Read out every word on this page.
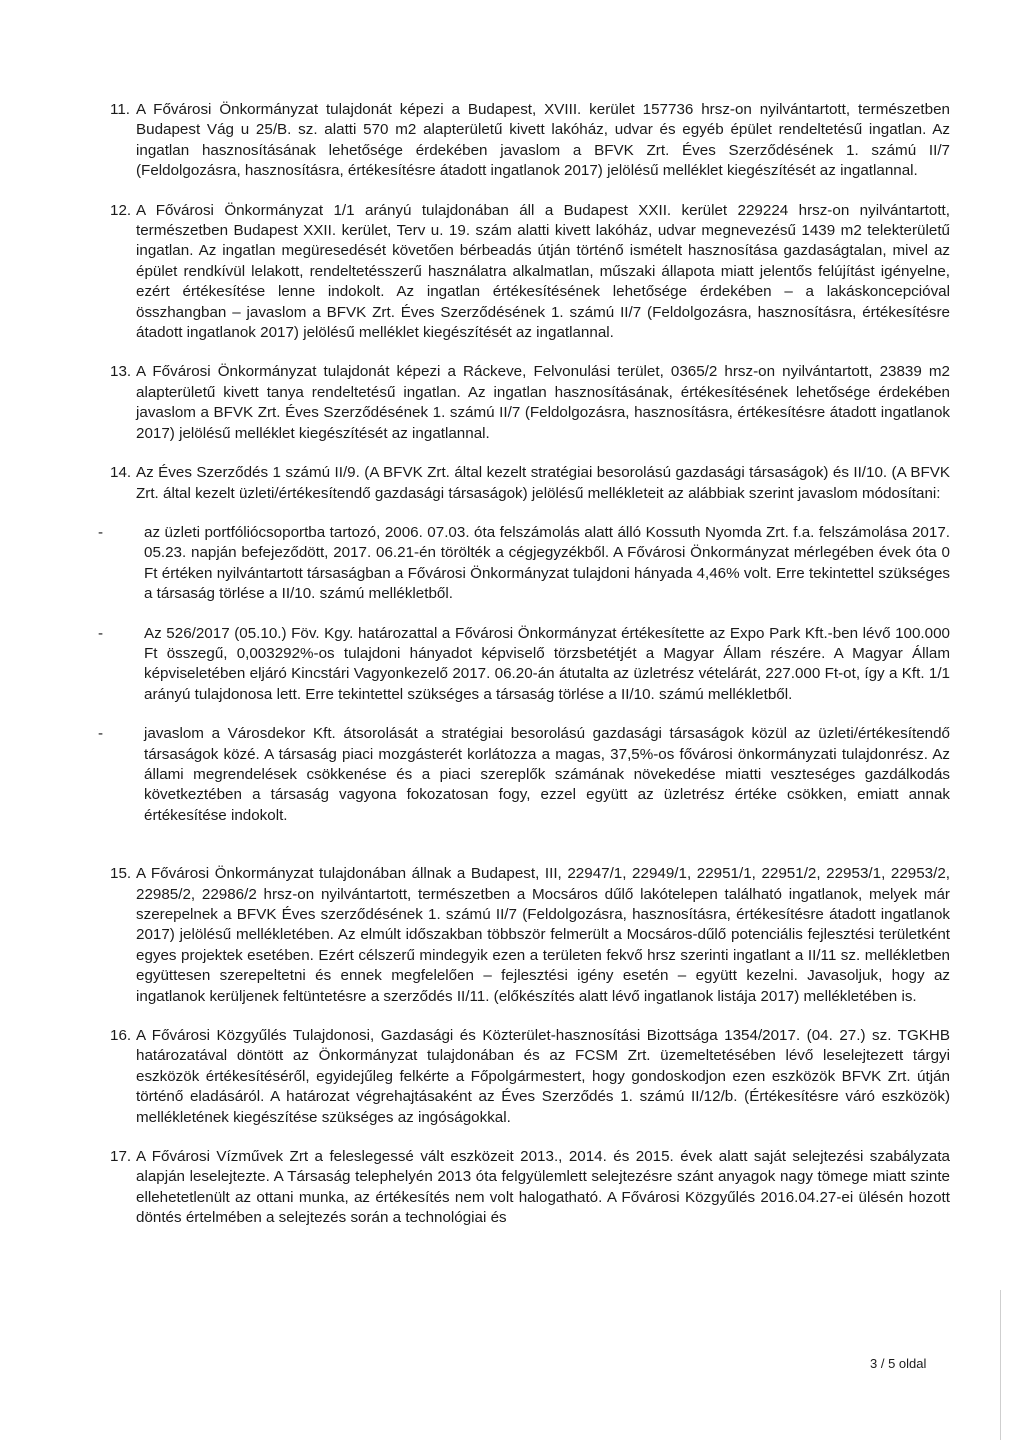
11. A Fővárosi Önkormányzat tulajdonát képezi a Budapest, XVIII. kerület 157736 hrsz-on nyilvántartott, természetben Budapest Vág u 25/B. sz. alatti 570 m2 alapterületű kivett lakóház, udvar és egyéb épület rendeltetésű ingatlan. Az ingatlan hasznosításának lehetősége érdekében javaslom a BFVK Zrt. Éves Szerződésének 1. számú II/7 (Feldolgozásra, hasznosításra, értékesítésre átadott ingatlanok 2017) jelölésű melléklet kiegészítését az ingatlannal.
12. A Fővárosi Önkormányzat 1/1 arányú tulajdonában áll a Budapest XXII. kerület 229224 hrsz-on nyilvántartott, természetben Budapest XXII. kerület, Terv u. 19. szám alatti kivett lakóház, udvar megnevezésű 1439 m2 telekterületű ingatlan. Az ingatlan megüresedését követően bérbeadás útján történő ismételt hasznosítása gazdaságtalan, mivel az épület rendkívül lelakott, rendeltetésszerű használatra alkalmatlan, műszaki állapota miatt jelentős felújítást igényelne, ezért értékesítése lenne indokolt. Az ingatlan értékesítésének lehetősége érdekében – a lakáskoncepcióval összhangban – javaslom a BFVK Zrt. Éves Szerződésének 1. számú II/7 (Feldolgozásra, hasznosításra, értékesítésre átadott ingatlanok 2017) jelölésű melléklet kiegészítését az ingatlannal.
13. A Fővárosi Önkormányzat tulajdonát képezi a Ráckeve, Felvonulási terület, 0365/2 hrsz-on nyilvántartott, 23839 m2 alapterületű kivett tanya rendeltetésű ingatlan. Az ingatlan hasznosításának, értékesítésének lehetősége érdekében javaslom a BFVK Zrt. Éves Szerződésének 1. számú II/7 (Feldolgozásra, hasznosításra, értékesítésre átadott ingatlanok 2017) jelölésű melléklet kiegészítését az ingatlannal.
14. Az Éves Szerződés 1 számú II/9. (A BFVK Zrt. által kezelt stratégiai besorolású gazdasági társaságok) és II/10. (A BFVK Zrt. által kezelt üzleti/értékesítendő gazdasági társaságok) jelölésű mellékleteit az alábbiak szerint javaslom módosítani:
-	az üzleti portfóliócsoportba tartozó, 2006. 07.03. óta felszámolás alatt álló Kossuth Nyomda Zrt. f.a. felszámolása 2017. 05.23. napján befejeződött, 2017. 06.21-én törölték a cégjegyzékből. A Fővárosi Önkormányzat mérlegében évek óta 0 Ft értéken nyilvántartott társaságban a Fővárosi Önkormányzat tulajdoni hányada 4,46% volt. Erre tekintettel szükséges a társaság törlése a II/10. számú mellékletből.
-	Az 526/2017 (05.10.) Föv. Kgy. határozattal a Fővárosi Önkormányzat értékesítette az Expo Park Kft.-ben lévő 100.000 Ft összegű, 0,003292%-os tulajdoni hányadot képviselő törzsbetétjét a Magyar Állam részére. A Magyar Állam képviseletében eljáró Kincstári Vagyonkezelő 2017. 06.20-án átutalta az üzletrész vételárát, 227.000 Ft-ot, így a Kft. 1/1 arányú tulajdonosa lett. Erre tekintettel szükséges a társaság törlése a II/10. számú mellékletből.
-	javaslom a Városdekor Kft. átsorolását a stratégiai besorolású gazdasági társaságok közül az üzleti/értékesítendő társaságok közé. A társaság piaci mozgásterét korlátozza a magas, 37,5%-os fővárosi önkormányzati tulajdonrész. Az állami megrendelések csökkenése és a piaci szereplők számának növekedése miatti veszteséges gazdálkodás következtében a társaság vagyona fokozatosan fogy, ezzel együtt az üzletrész értéke csökken, emiatt annak értékesítése indokolt.
15. A Fővárosi Önkormányzat tulajdonában állnak a Budapest, III, 22947/1, 22949/1, 22951/1, 22951/2, 22953/1, 22953/2, 22985/2, 22986/2 hrsz-on nyilvántartott, természetben a Mocsáros dűlő lakótelepen található ingatlanok, melyek már szerepelnek a BFVK Éves szerződésének 1. számú II/7 (Feldolgozásra, hasznosításra, értékesítésre átadott ingatlanok 2017) jelölésű mellékletében. Az elmúlt időszakban többször felmerült a Mocsáros-dűlő potenciális fejlesztési területként egyes projektek esetében. Ezért célszerű mindegyik ezen a területen fekvő hrsz szerinti ingatlant a II/11 sz. mellékletben együttesen szerepeltetni és ennek megfelelően – fejlesztési igény esetén – együtt kezelni. Javasoljuk, hogy az ingatlanok kerüljenek feltüntetésre a szerződés II/11. (előkészítés alatt lévő ingatlanok listája 2017) mellékletében is.
16. A Fővárosi Közgyűlés Tulajdonosi, Gazdasági és Közterület-hasznosítási Bizottsága 1354/2017. (04. 27.) sz. TGKHB határozatával döntött az Önkormányzat tulajdonában és az FCSM Zrt. üzemeltetésében lévő leselejtezett tárgyi eszközök értékesítéséről, egyidejűleg felkérte a Főpolgármestert, hogy gondoskodjon ezen eszközök BFVK Zrt. útján történő eladásáról. A határozat végrehajtásaként az Éves Szerződés 1. számú II/12/b. (Értékesítésre váró eszközök) mellékletének kiegészítése szükséges az ingóságokkal.
17. A Fővárosi Vízművek Zrt a feleslegessé vált eszközeit 2013., 2014. és 2015. évek alatt saját selejtezési szabályzata alapján leselejtezte. A Társaság telephelyén 2013 óta felgyülemlett selejtezésre szánt anyagok nagy tömege miatt szinte ellehetetlenült az ottani munka, az értékesítés nem volt halogatható. A Fővárosi Közgyűlés 2016.04.27-ei ülésén hozott döntés értelmében a selejtezés során a technológiai és
3 / 5 oldal
